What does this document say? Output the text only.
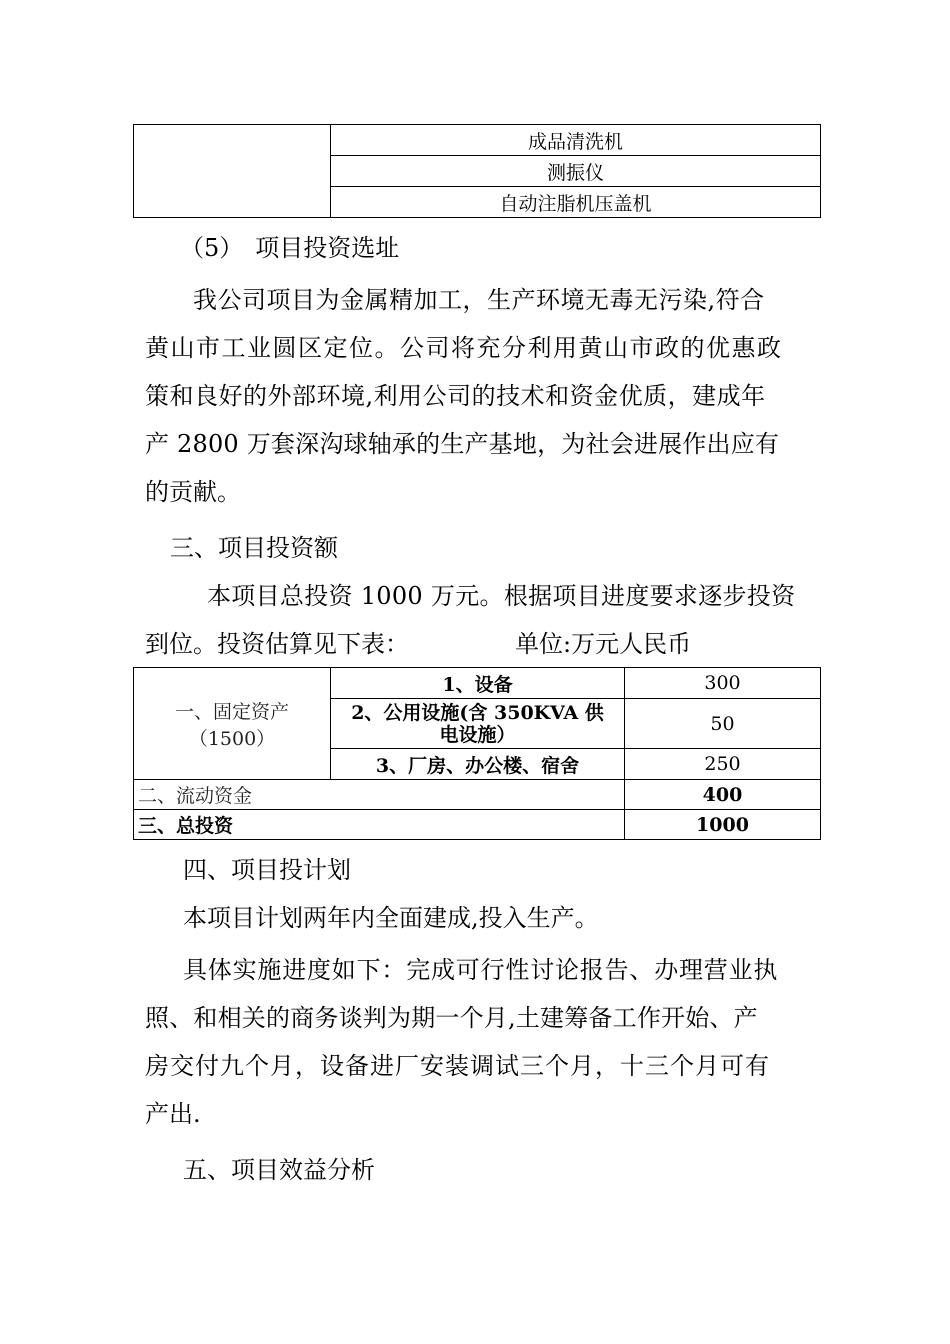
	成品清洗机
测振仪
自动注脂机压盖机
（5）　项目投资选址
我公司项目为金属精加工，生产环境无毒无污染,符合
黄山市工业圆区定位。公司将充分利用黄山市政的优惠政
策和良好的外部环境,利用公司的技术和资金优质，建成年
产 2800 万套深沟球轴承的生产基地，为社会进展作出应有
的贡献。
三、项目投资额
本项目总投资 1000 万元。根据项目进度要求逐步投资
到位。投资估算见下表：	单位:万元人民币
一、固定资产
（1500）	1、设备	300

	2、公用设施(含 350KVA 供
电设施）	50
	3、厂房、办公楼、宿舍	250
二、流动资金		400
三、总投资		1000
四、项目投计划
本项目计划两年内全面建成,投入生产。
具体实施进度如下：完成可行性讨论报告、办理营业执
照、和相关的商务谈判为期一个月,土建筹备工作开始、产
房交付九个月，设备进厂安装调试三个月，十三个月可有
产出.
五、项目效益分析
